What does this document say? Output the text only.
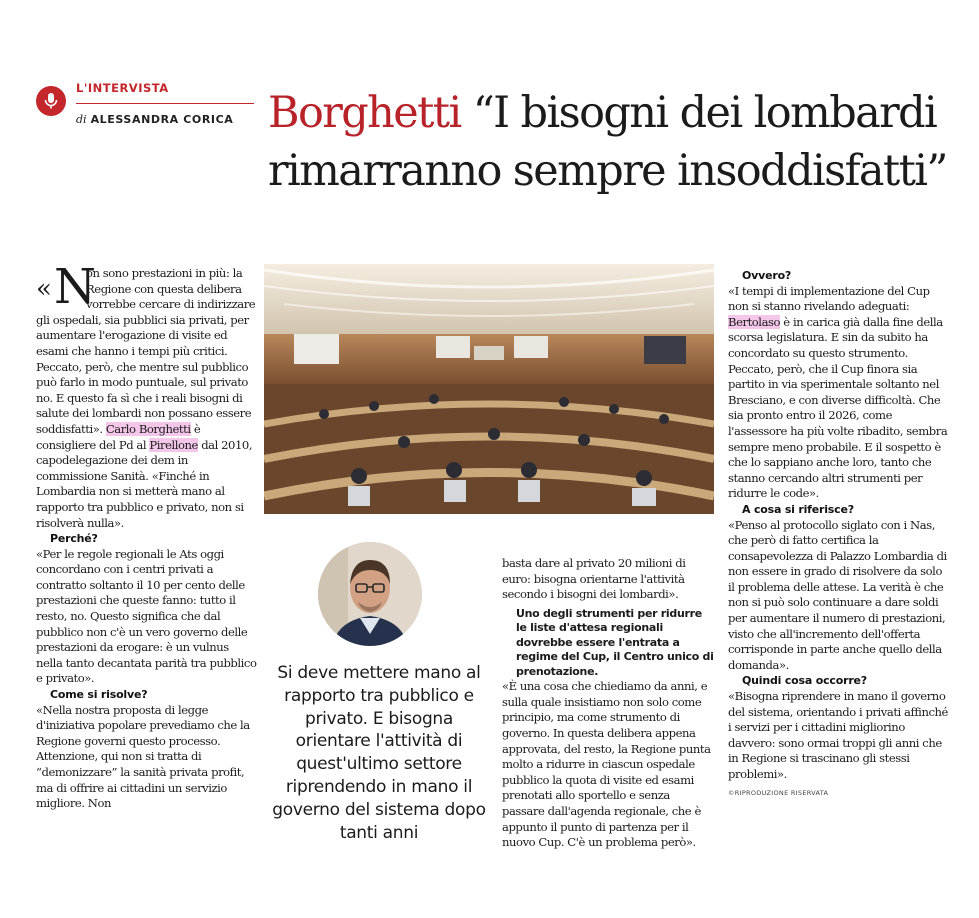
L'INTERVISTA
di ALESSANDRA CORICA Borghetti “I bisogni dei lombardi
rimarranno sempre insoddisfatti”
« N

on sono prestazioni in più: la Regione con questa delibera vorrebbe cercare di indirizzare gli ospedali, sia pubblici sia privati, per aumentare l'erogazione di visite ed esami che hanno i tempi più critici. Peccato, però, che mentre sul pubblico può farlo in modo puntuale, sul privato no. E questo fa sì che i reali bisogni di salute dei lombardi non possano essere soddisfatti». Carlo Borghetti è consigliere del Pd al Pirellone dal 2010, capodelegazione dei dem in commissione Sanità. «Finché in Lombardia non si metterà mano al rapporto tra pubblico e privato, non si risolverà nulla».

Perché?

«Per le regole regionali le Ats oggi concordano con i centri privati a contratto soltanto il 10 per cento delle prestazioni che queste fanno: tutto il resto, no. Questo significa che dal pubblico non c'è un vero governo delle prestazioni da erogare: è un vulnus nella tanto decantata parità tra pubblico e privato».

Come si risolve?

«Nella nostra proposta di legge d'iniziativa popolare prevediamo che la Regione governi questo processo. Attenzione, qui non si tratta di “demonizzare” la sanità privata profit, ma di offrire ai cittadini un servizio migliore. Non

Si deve mettere mano al rapporto tra pubblico e privato. E bisogna orientare l'attività di quest'ultimo settore riprendendo in mano il governo del sistema dopo tanti anni

basta dare al privato 20 milioni di euro: bisogna orientarne l'attività secondo i bisogni dei lombardi».

Uno degli strumenti per ridurre le liste d'attesa regionali dovrebbe essere l'entrata a regime del Cup, il Centro unico di prenotazione.

«È una cosa che chiediamo da anni, e sulla quale insistiamo non solo come principio, ma come strumento di governo. In questa delibera appena approvata, del resto, la Regione punta molto a ridurre in ciascun ospedale pubblico la quota di visite ed esami prenotati allo sportello e senza passare dall'agenda regionale, che è appunto il punto di partenza per il nuovo Cup. C'è un problema però».

Ovvero?

«I tempi di implementazione del Cup non si stanno rivelando adeguati: Bertolaso è in carica già dalla fine della scorsa legislatura. E sin da subito ha concordato su questo strumento. Peccato, però, che il Cup finora sia partito in via sperimentale soltanto nel Bresciano, e con diverse difficoltà. Che sia pronto entro il 2026, come l'assessore ha più volte ribadito, sembra sempre meno probabile. E il sospetto è che lo sappiano anche loro, tanto che stanno cercando altri strumenti per ridurre le code».

A cosa si riferisce?

«Penso al protocollo siglato con i Nas, che però di fatto certifica la consapevolezza di Palazzo Lombardia di non essere in grado di risolvere da solo il problema delle attese. La verità è che non si può solo continuare a dare soldi per aumentare il numero di prestazioni, visto che all'incremento dell'offerta corrisponde in parte anche quello della domanda».

Quindi cosa occorre?

«Bisogna riprendere in mano il governo del sistema, orientando i privati affinché i servizi per i cittadini migliorino davvero: sono ormai troppi gli anni che in Regione si trascinano gli stessi problemi».

©RIPRODUZIONE RISERVATA
